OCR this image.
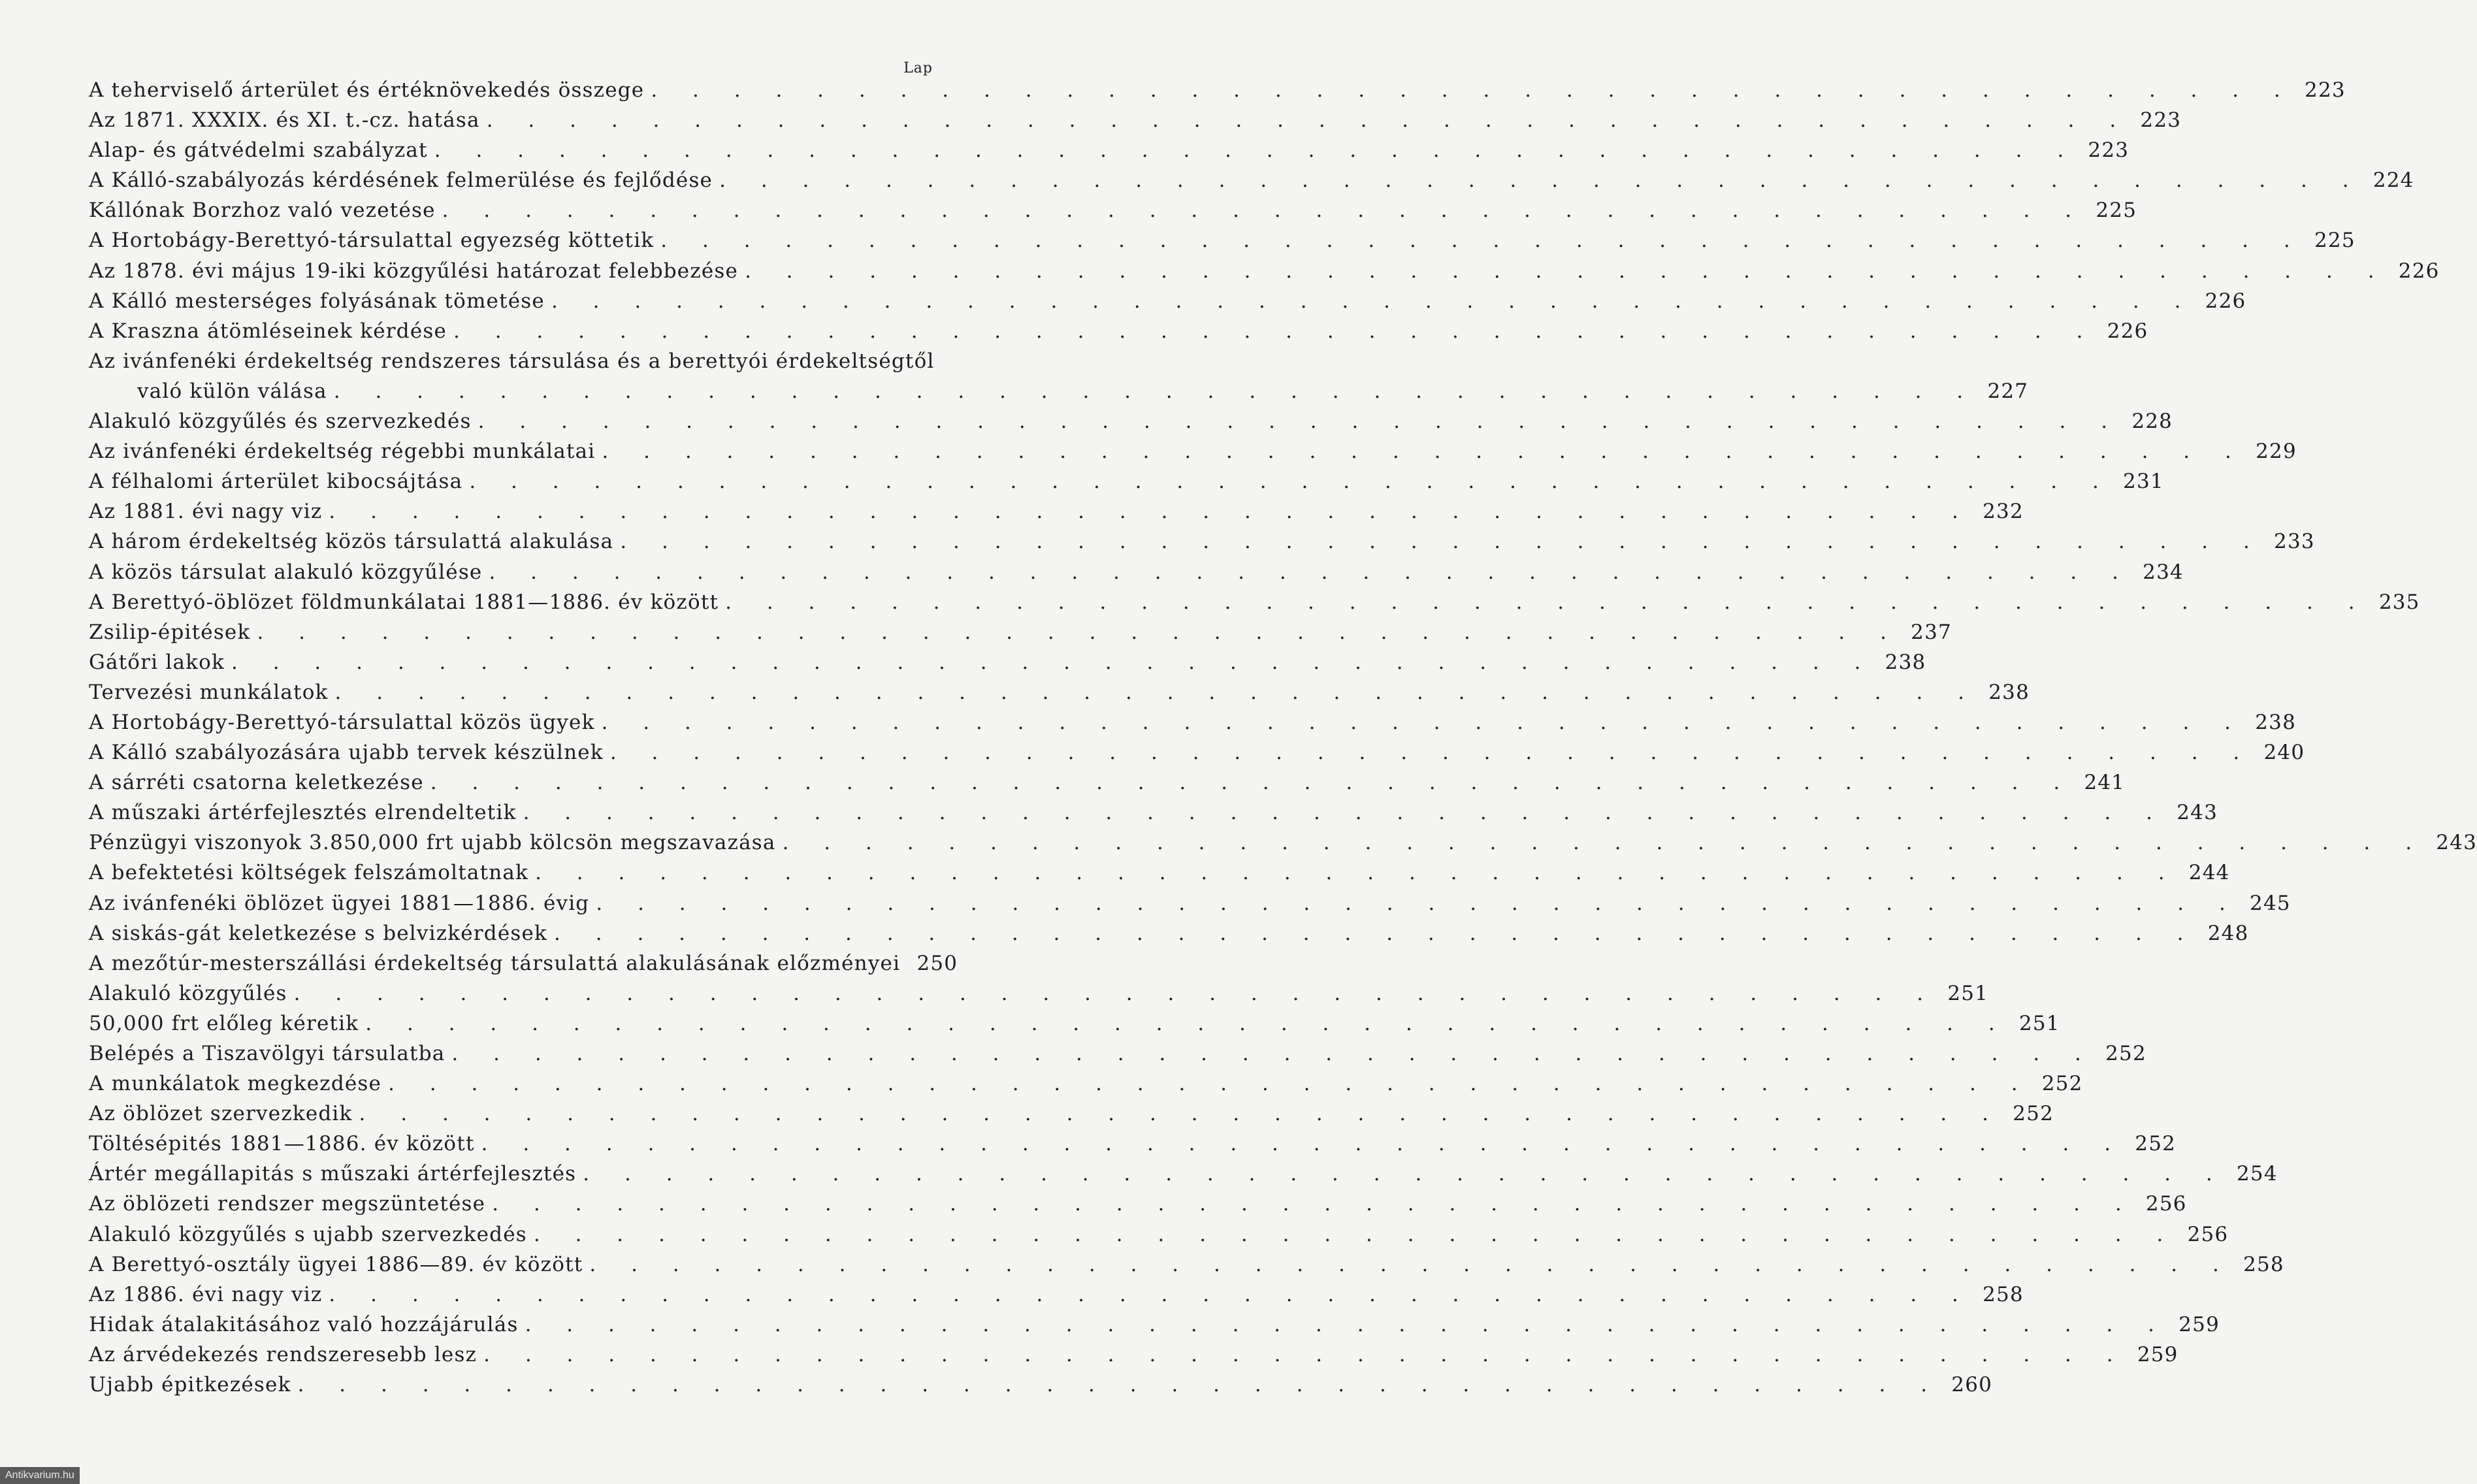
Lap
A teherviselő árterület és értéknövekedés összege . . . . . . . . . . . . . . . . . . . . . . . . . . . . . . . . . . . . . . . . 223
Az 1871. XXXIX. és XI. t.-cz. hatása . . . . . . . . . . . . . . . . . . . . . . . . . . . . . . . . . . . . . . . . 223
Alap- és gátvédelmi szabályzat . . . . . . . . . . . . . . . . . . . . . . . . . . . . . . . . . . . . . . . . 223
A Kálló-szabályozás kérdésének felmerülése és fejlődése . . . . . . . . . . . . . . . . . . . . . . . . . . . . . . . . . . . . . . . . 224
Kállónak Borzhoz való vezetése . . . . . . . . . . . . . . . . . . . . . . . . . . . . . . . . . . . . . . . . 225
A Hortobágy-Berettyó-társulattal egyezség köttetik . . . . . . . . . . . . . . . . . . . . . . . . . . . . . . . . . . . . . . . . 225
Az 1878. évi május 19-iki közgyűlési határozat felebbezése . . . . . . . . . . . . . . . . . . . . . . . . . . . . . . . . . . . . . . . . 226
A Kálló mesterséges folyásának tömetése . . . . . . . . . . . . . . . . . . . . . . . . . . . . . . . . . . . . . . . . 226
A Kraszna átömléseinek kérdése . . . . . . . . . . . . . . . . . . . . . . . . . . . . . . . . . . . . . . . . 226
Az ivánfenéki érdekeltség rendszeres társulása és a berettyói érdekeltségtől
való külön válása . . . . . . . . . . . . . . . . . . . . . . . . . . . . . . . . . . . . . . . . 227
Alakuló közgyűlés és szervezkedés . . . . . . . . . . . . . . . . . . . . . . . . . . . . . . . . . . . . . . . . 228
Az ivánfenéki érdekeltség régebbi munkálatai . . . . . . . . . . . . . . . . . . . . . . . . . . . . . . . . . . . . . . . . 229
A félhalomi árterület kibocsájtása . . . . . . . . . . . . . . . . . . . . . . . . . . . . . . . . . . . . . . . . 231
Az 1881. évi nagy viz . . . . . . . . . . . . . . . . . . . . . . . . . . . . . . . . . . . . . . . . 232
A három érdekeltség közös társulattá alakulása . . . . . . . . . . . . . . . . . . . . . . . . . . . . . . . . . . . . . . . . 233
A közös társulat alakuló közgyűlése . . . . . . . . . . . . . . . . . . . . . . . . . . . . . . . . . . . . . . . . 234
A Berettyó-öblözet földmunkálatai 1881—1886. év között . . . . . . . . . . . . . . . . . . . . . . . . . . . . . . . . . . . . . . . . 235
Zsilip-épitések . . . . . . . . . . . . . . . . . . . . . . . . . . . . . . . . . . . . . . . . 237
Gátőri lakok . . . . . . . . . . . . . . . . . . . . . . . . . . . . . . . . . . . . . . . . 238
Tervezési munkálatok . . . . . . . . . . . . . . . . . . . . . . . . . . . . . . . . . . . . . . . . 238
A Hortobágy-Berettyó-társulattal közös ügyek . . . . . . . . . . . . . . . . . . . . . . . . . . . . . . . . . . . . . . . . 238
A Kálló szabályozására ujabb tervek készülnek . . . . . . . . . . . . . . . . . . . . . . . . . . . . . . . . . . . . . . . . 240
A sárréti csatorna keletkezése . . . . . . . . . . . . . . . . . . . . . . . . . . . . . . . . . . . . . . . . 241
A műszaki ártérfejlesztés elrendeltetik . . . . . . . . . . . . . . . . . . . . . . . . . . . . . . . . . . . . . . . . 243
Pénzügyi viszonyok 3.850,000 frt ujabb kölcsön megszavazása . . . . . . . . . . . . . . . . . . . . . . . . . . . . . . . . . . . . . . . . 243
A befektetési költségek felszámoltatnak . . . . . . . . . . . . . . . . . . . . . . . . . . . . . . . . . . . . . . . . 244
Az ivánfenéki öblözet ügyei 1881—1886. évig . . . . . . . . . . . . . . . . . . . . . . . . . . . . . . . . . . . . . . . . 245
A siskás-gát keletkezése s belvizkérdések . . . . . . . . . . . . . . . . . . . . . . . . . . . . . . . . . . . . . . . . 248
A mezőtúr-mesterszállási érdekeltség társulattá alakulásának előzményei 250
Alakuló közgyűlés . . . . . . . . . . . . . . . . . . . . . . . . . . . . . . . . . . . . . . . . 251
50,000 frt előleg kéretik . . . . . . . . . . . . . . . . . . . . . . . . . . . . . . . . . . . . . . . . 251
Belépés a Tiszavölgyi társulatba . . . . . . . . . . . . . . . . . . . . . . . . . . . . . . . . . . . . . . . . 252
A munkálatok megkezdése . . . . . . . . . . . . . . . . . . . . . . . . . . . . . . . . . . . . . . . . 252
Az öblözet szervezkedik . . . . . . . . . . . . . . . . . . . . . . . . . . . . . . . . . . . . . . . . 252
Töltésépités 1881—1886. év között . . . . . . . . . . . . . . . . . . . . . . . . . . . . . . . . . . . . . . . . 252
Ártér megállapitás s műszaki ártérfejlesztés . . . . . . . . . . . . . . . . . . . . . . . . . . . . . . . . . . . . . . . . 254
Az öblözeti rendszer megszüntetése . . . . . . . . . . . . . . . . . . . . . . . . . . . . . . . . . . . . . . . . 256
Alakuló közgyűlés s ujabb szervezkedés . . . . . . . . . . . . . . . . . . . . . . . . . . . . . . . . . . . . . . . . 256
A Berettyó-osztály ügyei 1886—89. év között . . . . . . . . . . . . . . . . . . . . . . . . . . . . . . . . . . . . . . . . 258
Az 1886. évi nagy viz . . . . . . . . . . . . . . . . . . . . . . . . . . . . . . . . . . . . . . . . 258
Hidak átalakitásához való hozzájárulás . . . . . . . . . . . . . . . . . . . . . . . . . . . . . . . . . . . . . . . . 259
Az árvédekezés rendszeresebb lesz . . . . . . . . . . . . . . . . . . . . . . . . . . . . . . . . . . . . . . . . 259
Ujabb épitkezések . . . . . . . . . . . . . . . . . . . . . . . . . . . . . . . . . . . . . . . . 260
Antikvarium.hu
